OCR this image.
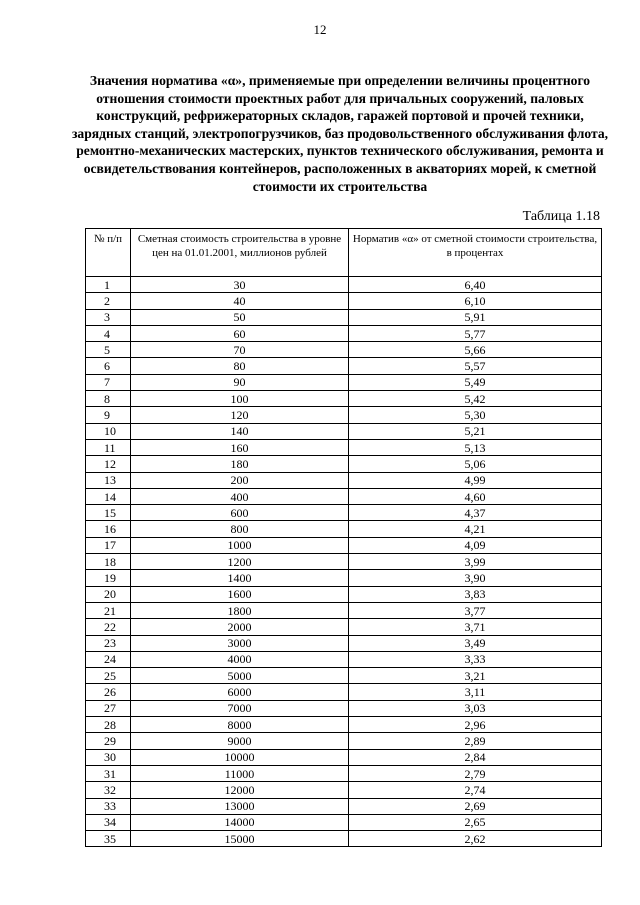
12
Значения норматива «α», применяемые при определении величины процентного отношения стоимости проектных работ для причальных сооружений, паловых конструкций, рефрижераторных складов, гаражей портовой и прочей техники, зарядных станций, электропогрузчиков, баз продовольственного обслуживания флота, ремонтно-механических мастерских, пунктов технического обслуживания, ремонта и освидетельствования контейнеров, расположенных в акваториях морей, к сметной стоимости их строительства
Таблица 1.18
№ п/п	Сметная стоимость строительства в уровне цен на 01.01.2001, миллионов рублей	Норматив «α» от сметной стоимости строительства, в процентах
1	30	6,40
2	40	6,10
3	50	5,91
4	60	5,77
5	70	5,66
6	80	5,57
7	90	5,49
8	100	5,42
9	120	5,30
10	140	5,21
11	160	5,13
12	180	5,06
13	200	4,99
14	400	4,60
15	600	4,37
16	800	4,21
17	1000	4,09
18	1200	3,99
19	1400	3,90
20	1600	3,83
21	1800	3,77
22	2000	3,71
23	3000	3,49
24	4000	3,33
25	5000	3,21
26	6000	3,11
27	7000	3,03
28	8000	2,96
29	9000	2,89
30	10000	2,84
31	11000	2,79
32	12000	2,74
33	13000	2,69
34	14000	2,65
35	15000	2,62
